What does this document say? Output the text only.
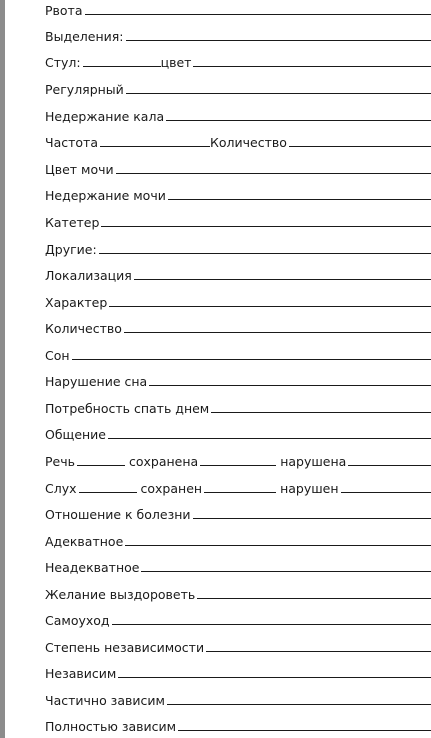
Рвота
Выделения:
Стул:	цвет
Регулярный
Недержание кала
Частота	Количество
Цвет мочи
Недержание мочи
Катетер
Другие:
Локализация
Характер
Количество
Сон
Нарушение сна
Потребность спать днем
Общение
Речь	сохранена	нарушена
Слух	сохранен	нарушен
Отношение к болезни
Адекватное
Неадекватное
Желание выздороветь
Самоуход
Степень независимости
Независим
Частично зависим
Полностью зависим
